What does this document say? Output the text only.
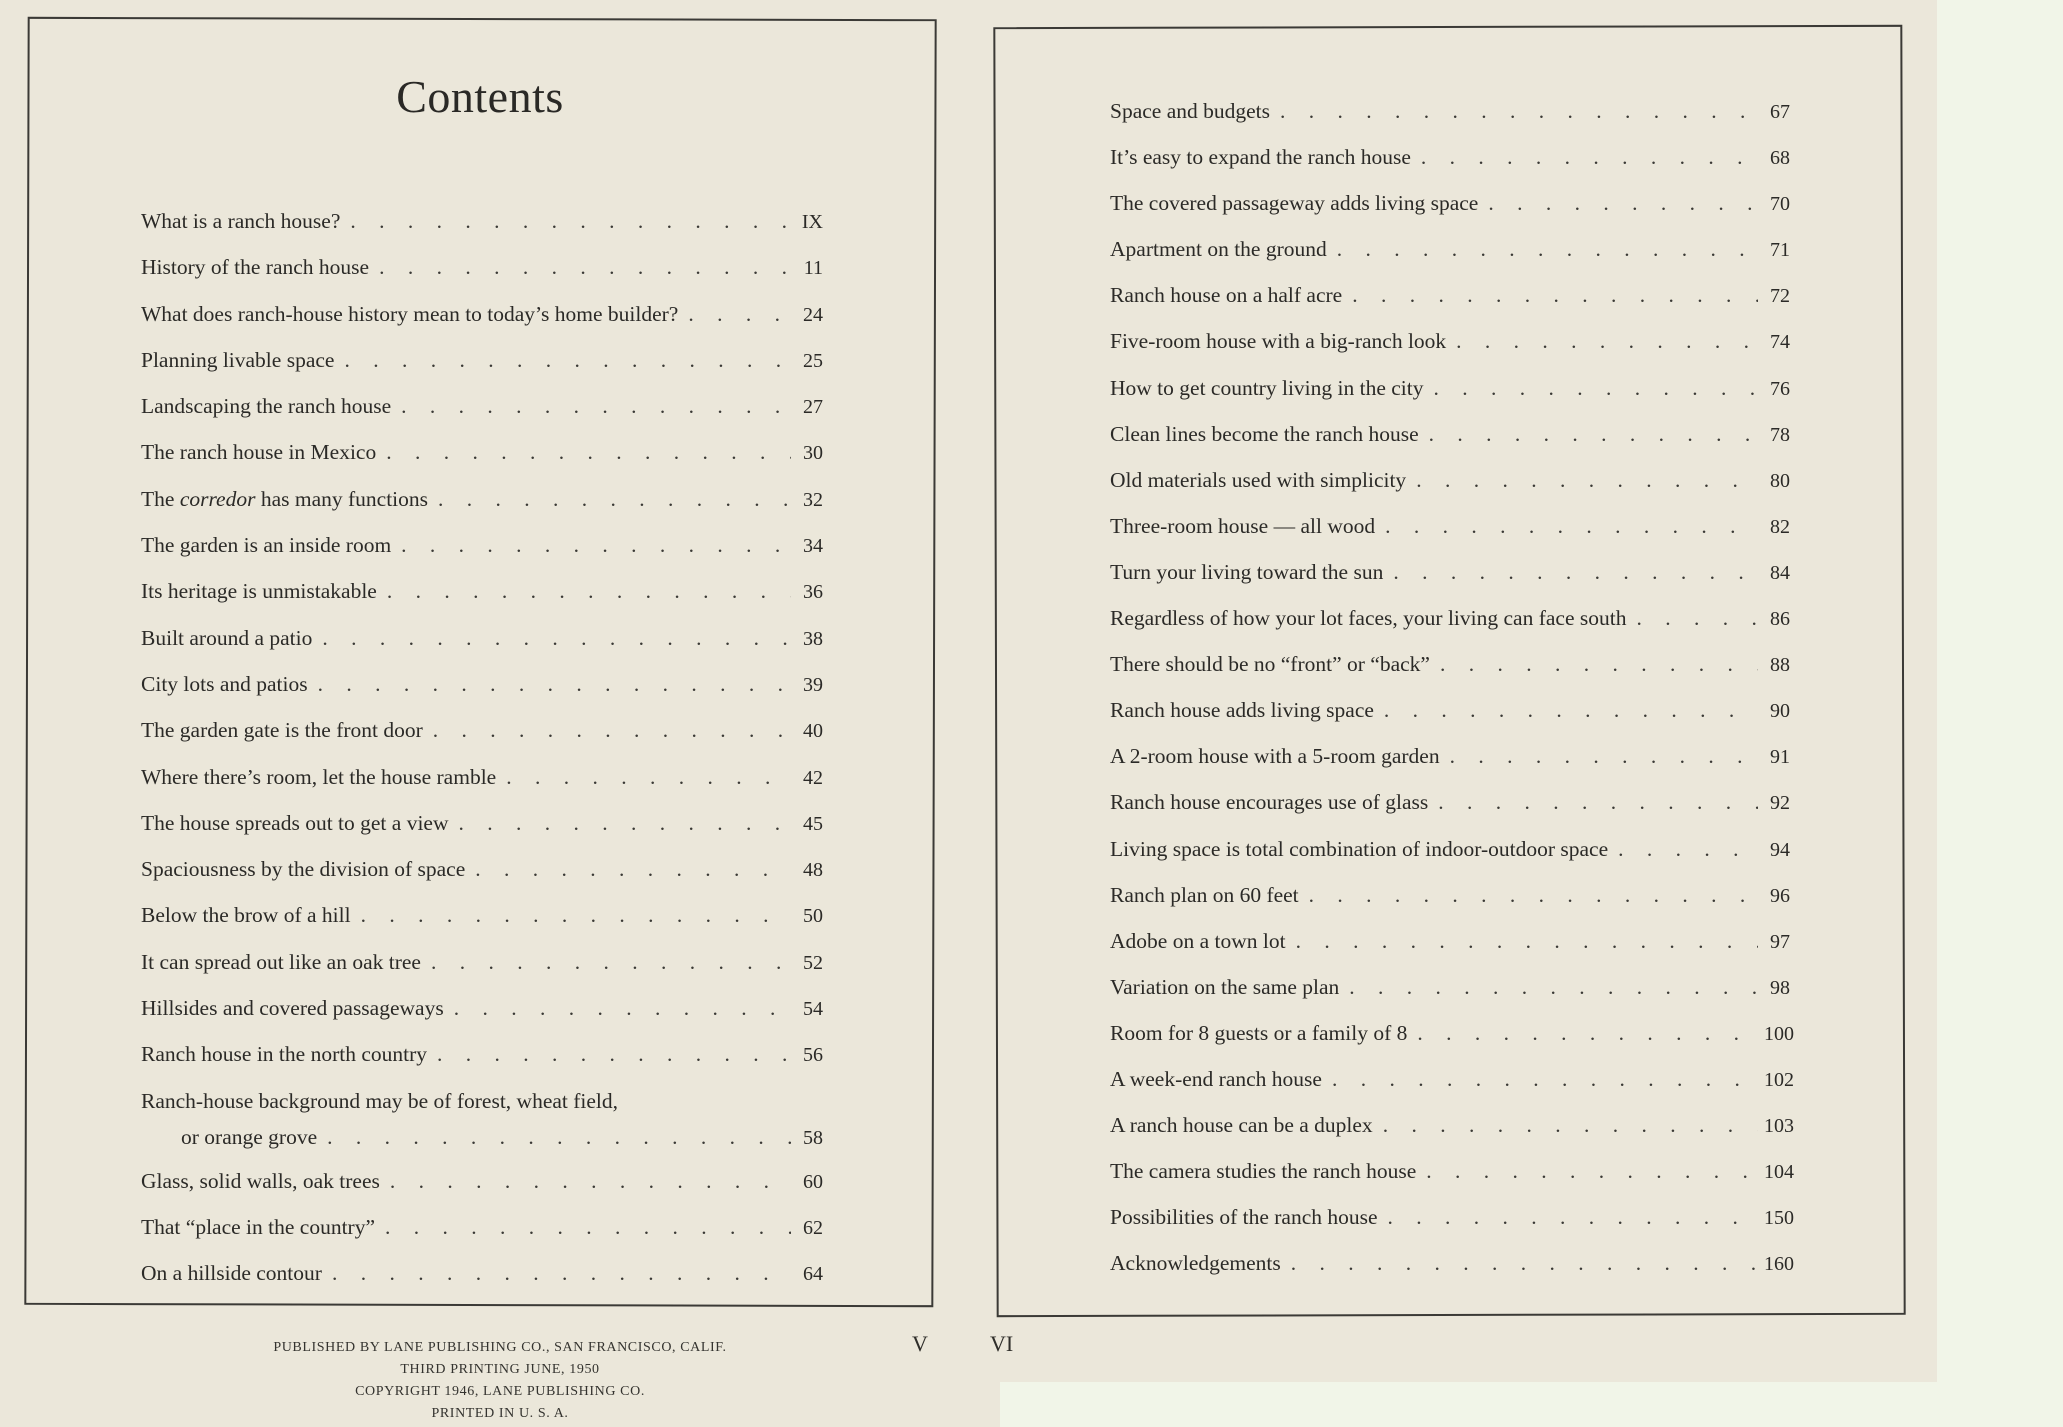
Contents
What is a ranch house? . . .	IX
History of the ranch house . . .	11
What does ranch-house history mean to today’s home builder? . . .	24
Planning livable space . . .	25
Landscaping the ranch house . . .	27
The ranch house in Mexico . . .	30
The corredor has many functions . . .	32
The garden is an inside room . . .	34
Its heritage is unmistakable . . .	36
Built around a patio . . .	38
City lots and patios . . .	39
The garden gate is the front door . . .	40
Where there’s room, let the house ramble . . .	42
The house spreads out to get a view . . .	45
Spaciousness by the division of space . . .	48
Below the brow of a hill . . .	50
It can spread out like an oak tree . . .	52
Hillsides and covered passageways . . .	54
Ranch house in the north country . . .	56
Ranch-house background may be of forest, wheat field,
or orange grove . . .	58
Glass, solid walls, oak trees . . .	60
That “place in the country” . . .	62
On a hillside contour . . .	64
Space and budgets . . .	67
It’s easy to expand the ranch house . . .	68
The covered passageway adds living space . . .	70
Apartment on the ground . . .	71
Ranch house on a half acre . . .	72
Five-room house with a big-ranch look . . .	74
How to get country living in the city . . .	76
Clean lines become the ranch house . . .	78
Old materials used with simplicity . . .	80
Three-room house — all wood . . .	82
Turn your living toward the sun . . .	84
Regardless of how your lot faces, your living can face south . . .	86
There should be no “front” or “back” . . .	88
Ranch house adds living space . . .	90
A 2-room house with a 5-room garden . . .	91
Ranch house encourages use of glass . . .	92
Living space is total combination of indoor-outdoor space . . .	94
Ranch plan on 60 feet . . .	96
Adobe on a town lot . . .	97
Variation on the same plan . . .	98
Room for 8 guests or a family of 8 . . .	100
A week-end ranch house . . .	102
A ranch house can be a duplex . . .	103
The camera studies the ranch house . . .	104
Possibilities of the ranch house . . .	150
Acknowledgements . . .	160
V	VI
PUBLISHED BY LANE PUBLISHING CO., SAN FRANCISCO, CALIF.
THIRD PRINTING JUNE, 1950
COPYRIGHT 1946, LANE PUBLISHING CO.
PRINTED IN U. S. A.
